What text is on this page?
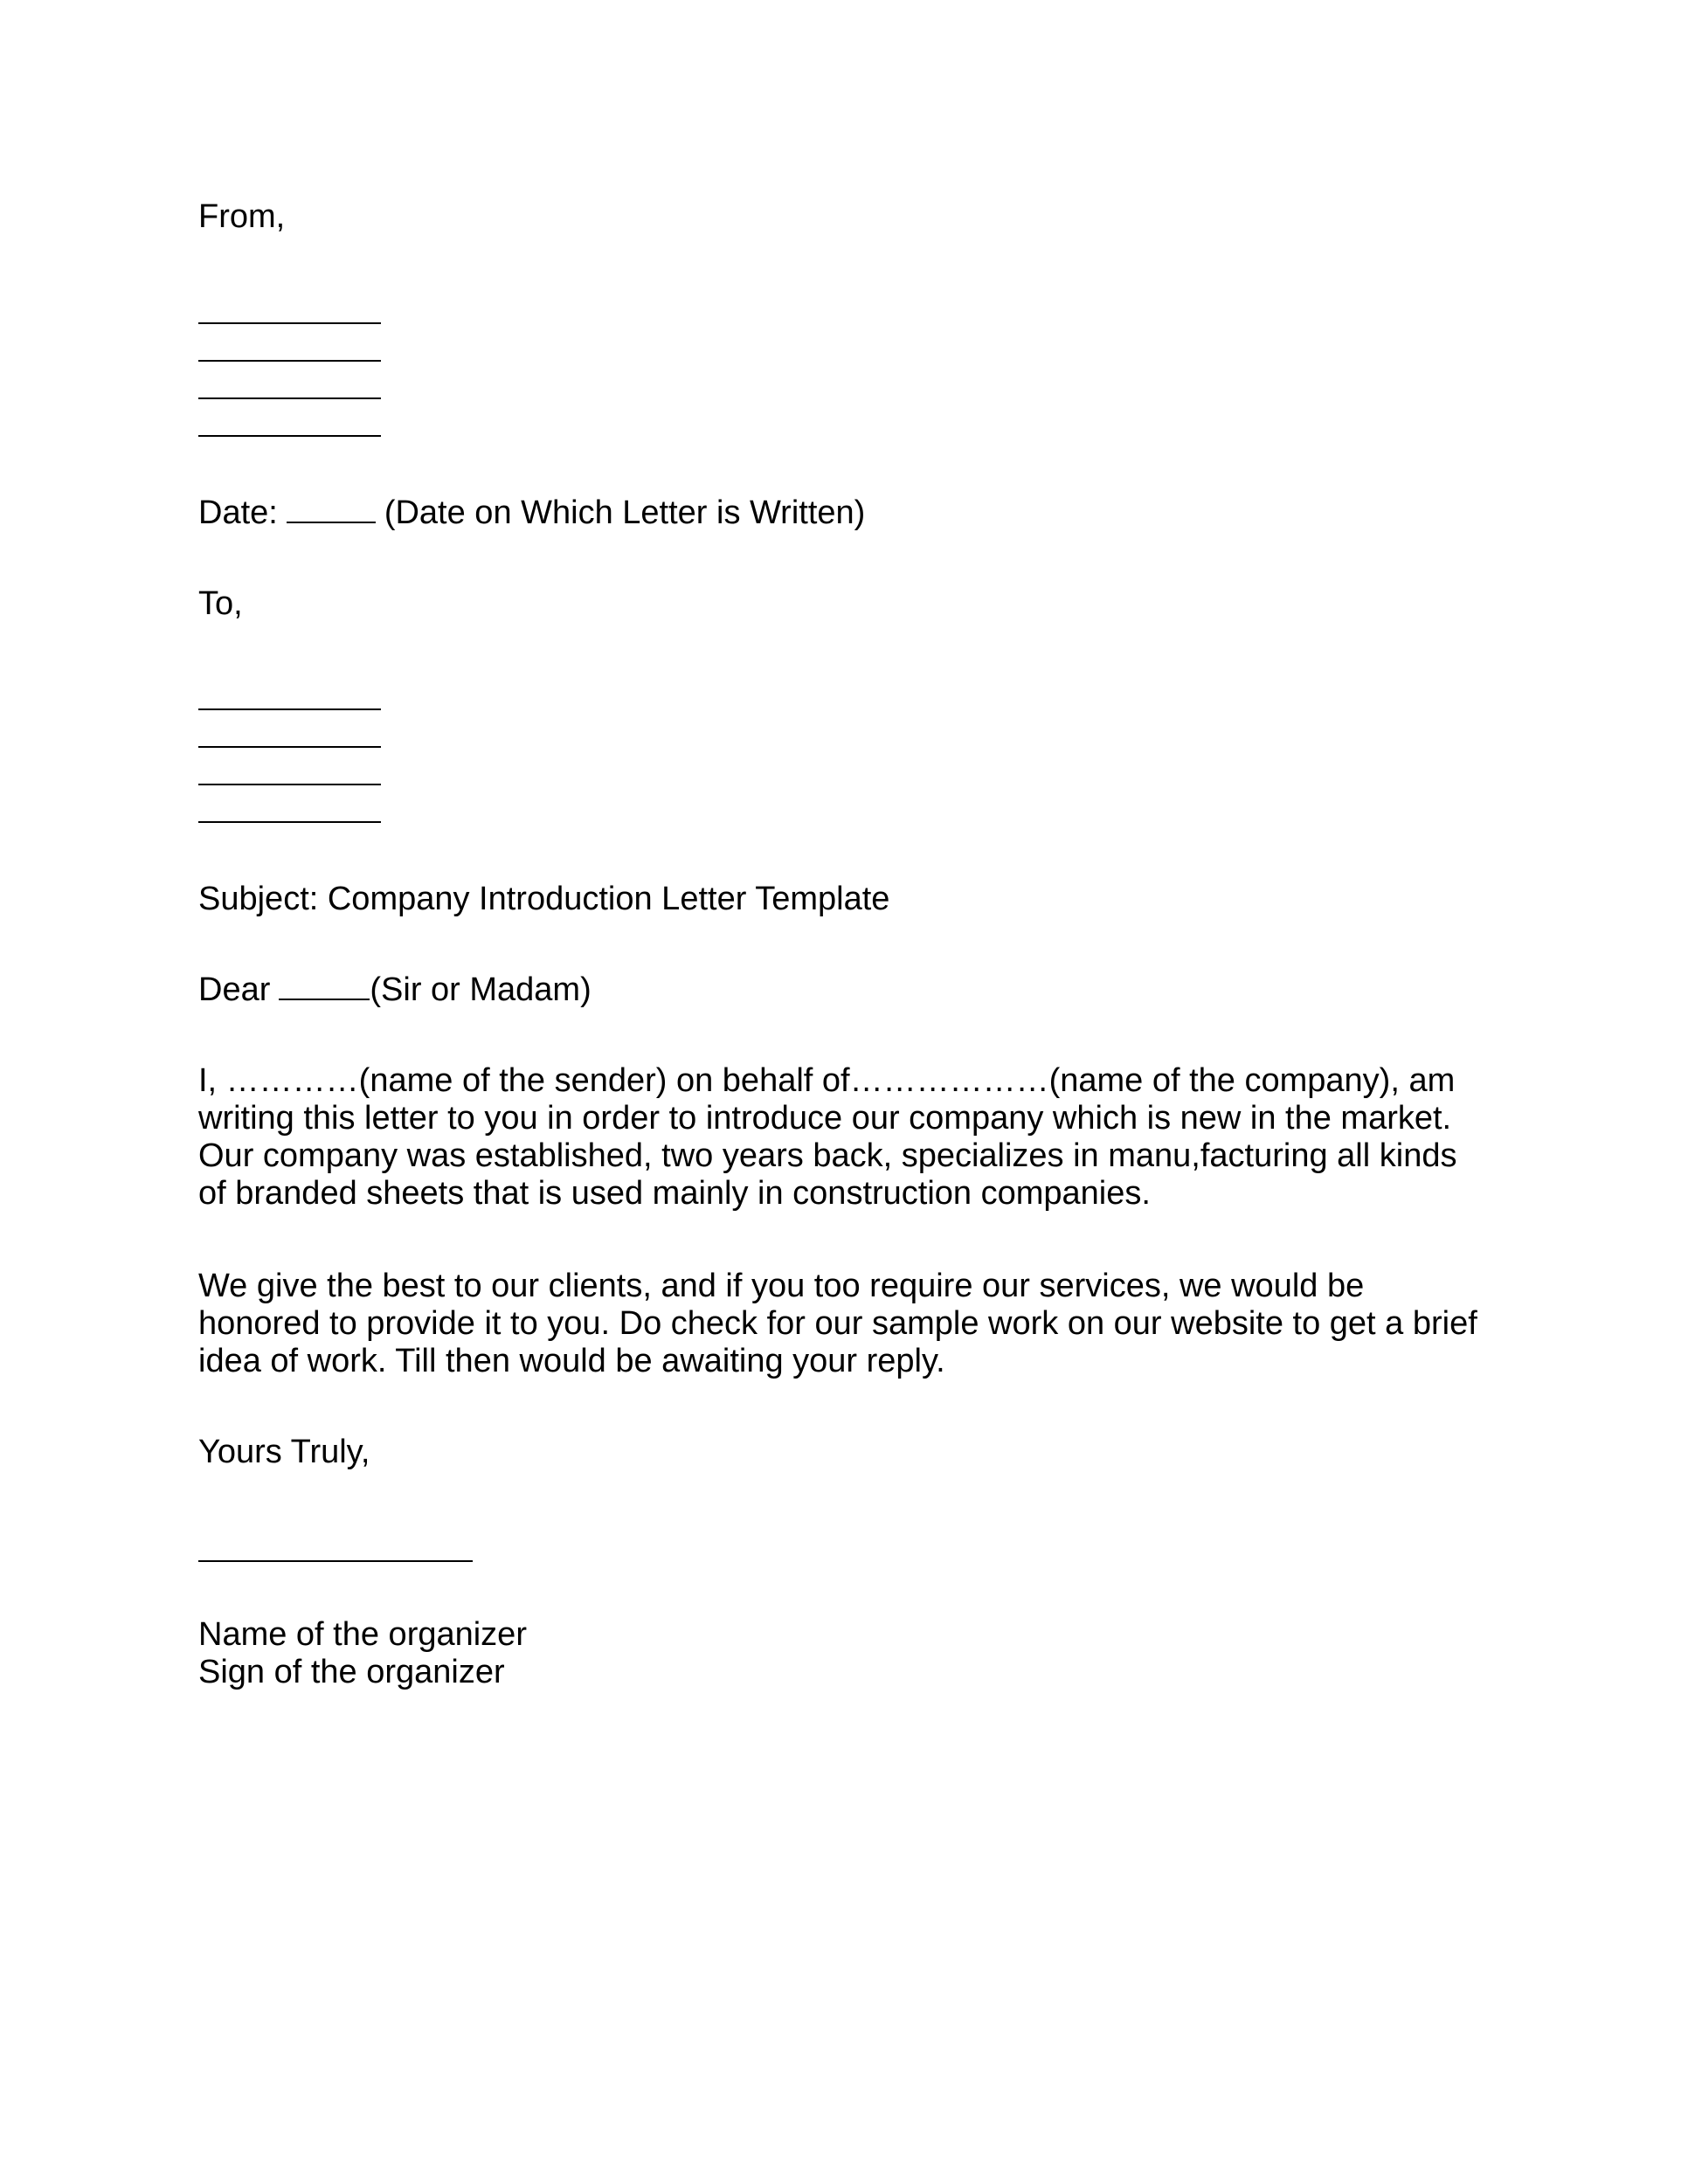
From,
Date:	(Date on Which Letter is Written)
To,
Subject: Company Introduction Letter Template
Dear	(Sir or Madam)
I, …………(name of the sender) on behalf of………………(name of the company), am
writing this letter to you in order to introduce our company which is new in the market.
Our company was established, two years back, specializes in manu,facturing all kinds
of branded sheets that is used mainly in construction companies.
We give the best to our clients, and if you too require our services, we would be
honored to provide it to you. Do check for our sample work on our website to get a brief
idea of work. Till then would be awaiting your reply.
Yours Truly,
Name of the organizer
Sign of the organizer
